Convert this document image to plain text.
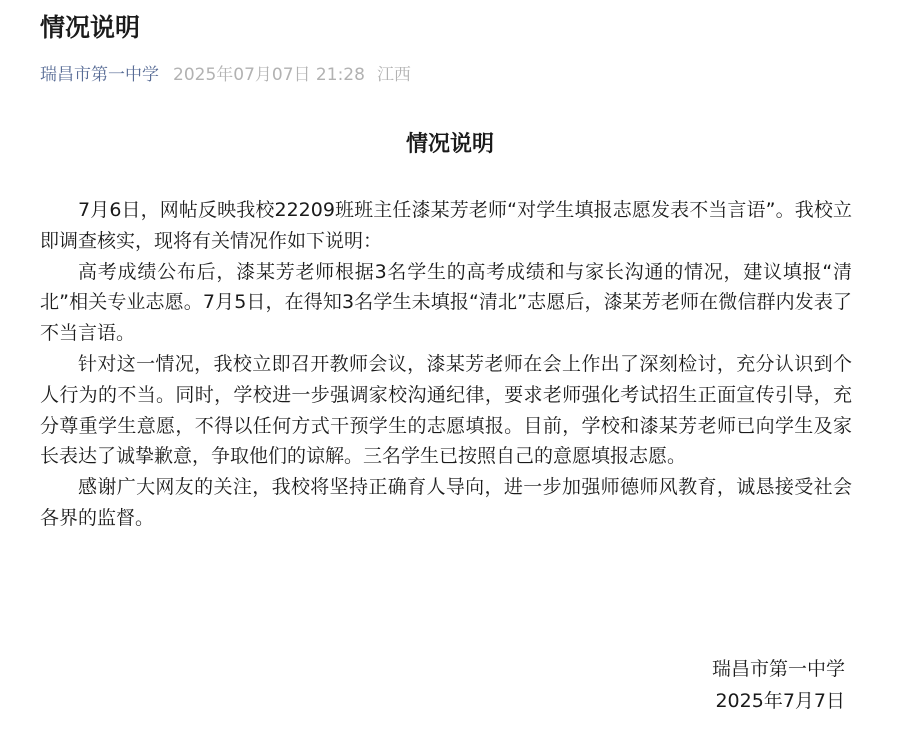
情况说明
瑞昌市第一中学 2025年07月07日 21:28 江西
情况说明

7月6日，网帖反映我校22209班班主任漆某芳老师“对学生填报志愿发表不当言语”。我校立即调查核实，现将有关情况作如下说明：

高考成绩公布后，漆某芳老师根据3名学生的高考成绩和与家长沟通的情况，建议填报“清北”相关专业志愿。7月5日，在得知3名学生未填报“清北”志愿后，漆某芳老师在微信群内发表了不当言语。

针对这一情况，我校立即召开教师会议，漆某芳老师在会上作出了深刻检讨，充分认识到个人行为的不当。同时，学校进一步强调家校沟通纪律，要求老师强化考试招生正面宣传引导，充分尊重学生意愿，不得以任何方式干预学生的志愿填报。目前，学校和漆某芳老师已向学生及家长表达了诚挚歉意，争取他们的谅解。三名学生已按照自己的意愿填报志愿。

感谢广大网友的关注，我校将坚持正确育人导向，进一步加强师德师风教育，诚恳接受社会各界的监督。

瑞昌市第一中学
2025年7月7日
